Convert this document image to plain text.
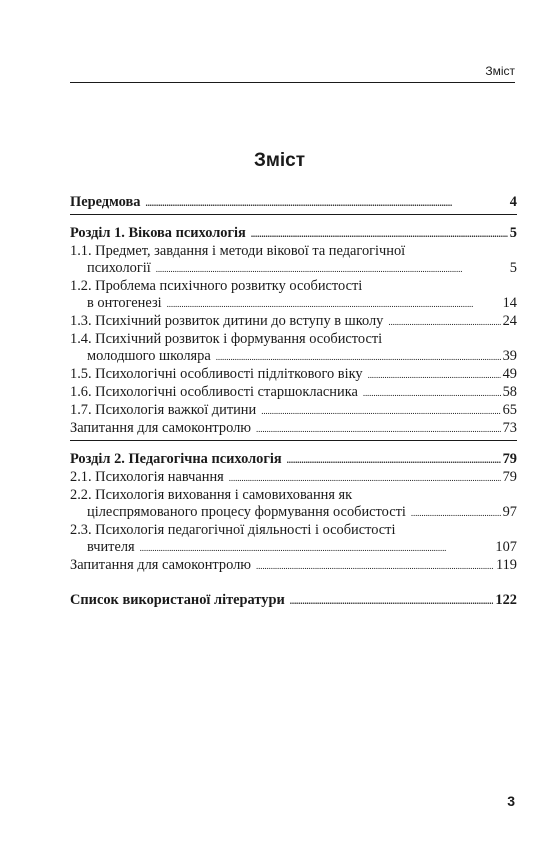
Зміст
Зміст
Передмова . . .	4
Розділ 1. Вікова психологія . . .	5
1.1. Предмет, завдання і методи вікової та педагогічної
психології . . .	5
1.2. Проблема психічного розвитку особистості
в онтогенезі . . .	14
1.3. Психічний розвиток дитини до вступу в школу . . .	24
1.4. Психічний розвиток і формування особистості
молодшого школяра . . .	39
1.5. Психологічні особливості підліткового віку . . .	49
1.6. Психологічні особливості старшокласника . . .	58
1.7. Психологія важкої дитини . . .	65
Запитання для самоконтролю . . .	73
Розділ 2. Педагогічна психологія . . .	79
2.1. Психологія навчання . . .	79
2.2. Психологія виховання і самовиховання як
цілеспрямованого процесу формування особистості . . .	97
2.3. Психологія педагогічної діяльності і особистості
вчителя . . .	107
Запитання для самоконтролю . . .	119
Список використаної літератури . . .	122
3
